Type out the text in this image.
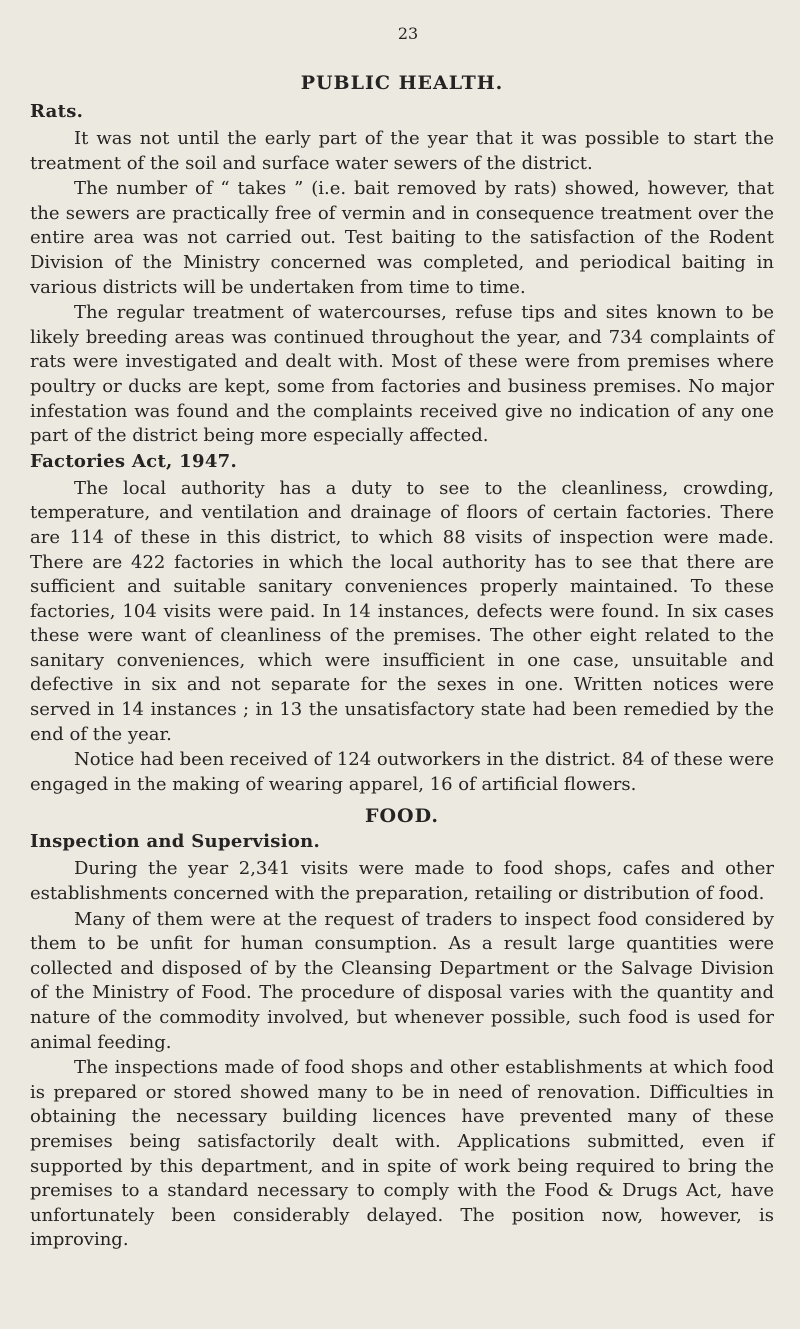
23
PUBLIC HEALTH.
Rats.

It was not until the early part of the year that it was possible to start the treatment of the soil and surface water sewers of the district.

The number of “ takes ” (i.e. bait removed by rats) showed, however, that the sewers are practically free of vermin and in consequence treatment over the entire area was not carried out. Test baiting to the satisfaction of the Rodent Division of the Ministry concerned was completed, and periodical baiting in various districts will be undertaken from time to time.

The regular treatment of watercourses, refuse tips and sites known to be likely breeding areas was continued throughout the year, and 734 complaints of rats were investigated and dealt with. Most of these were from premises where poultry or ducks are kept, some from factories and business premises. No major infestation was found and the complaints received give no indication of any one part of the district being more especially affected.

Factories Act, 1947.

The local authority has a duty to see to the cleanliness, crowding, temperature, and ventilation and drainage of floors of certain factories. There are 114 of these in this district, to which 88 visits of inspection were made. There are 422 factories in which the local authority has to see that there are sufficient and suitable sanitary conveniences properly maintained. To these factories, 104 visits were paid. In 14 instances, defects were found. In six cases these were want of cleanliness of the premises. The other eight related to the sanitary conveniences, which were insufficient in one case, unsuitable and defective in six and not separate for the sexes in one. Written notices were served in 14 instances ; in 13 the unsatisfactory state had been remedied by the end of the year.

Notice had been received of 124 outworkers in the district. 84 of these were engaged in the making of wearing apparel, 16 of artificial flowers.

FOOD.
Inspection and Supervision.

During the year 2,341 visits were made to food shops, cafes and other establishments concerned with the preparation, retailing or distribution of food.

Many of them were at the request of traders to inspect food considered by them to be unfit for human consumption. As a result large quantities were collected and disposed of by the Cleansing Department or the Salvage Division of the Ministry of Food. The procedure of disposal varies with the quantity and nature of the commodity involved, but whenever possible, such food is used for animal feeding.

The inspections made of food shops and other establishments at which food is prepared or stored showed many to be in need of renovation. Difficulties in obtaining the necessary building licences have prevented many of these premises being satisfactorily dealt with. Applications submitted, even if supported by this department, and in spite of work being required to bring the premises to a standard necessary to comply with the Food & Drugs Act, have unfortunately been considerably delayed. The position now, however, is improving.
